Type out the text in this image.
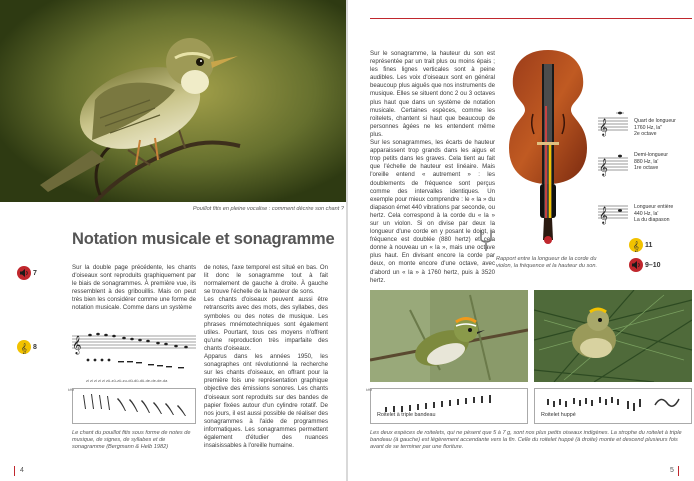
Pouillot fitis en pleine vocalise : comment décrire son chant ?
Notation musicale et sonagramme
7
𝄞 8
Sur la double page précédente, les chants d'oiseaux sont reproduits graphiquement par le biais de sonagrammes. À première vue, ils ressemblent à des gribouillis. Mais on peut très bien les considérer comme une forme de notation musicale. Comme dans un système
de notes, l'axe temporel est situé en bas. On lit donc le sonagramme tout à fait normalement de gauche à droite. À gauche se trouve l'échelle de la hauteur de sons.
Les chants d'oiseaux peuvent aussi être retranscrits avec des mots, des syllabes, des symboles ou des notes de musique. Les phrases mnémotechniques sont également utiles. Pourtant, tous ces moyens n'offrent qu'une reproduction très imparfaite des chants d'oiseaux.
Apparus dans les années 1950, les sonagraphes ont révolutionné la recherche sur les chants d'oiseaux, en offrant pour la première fois une représentation graphique objective des émissions sonores. Les chants d'oiseaux sont reproduits sur des bandes de papier fixées autour d'un cylindre rotatif. De nos jours, il est aussi possible de réaliser des sonagrammes à l'aide de programmes informatiques. Les sonagrammes permettent également d'étudier des nuances insaisissables à l'oreille humaine.
𝄞
zi zi zi zi zi zü-zü-zü-zu-dü-dü-dü-de-de-de-da
kHz
Le chant du pouillot fitis sous forme de notes de musique, de signes, de syllabes et de sonagramme (Bergmann & Helb 1982)
4
Sur le sonagramme, la hauteur du son est représentée par un trait plus ou moins épais ; les fines lignes verticales sont à peine audibles. Les voix d'oiseaux sont en général beaucoup plus aiguës que nos instruments de musique. Elles se situent donc 2 ou 3 octaves plus haut que dans un système de notation musicale. Certaines espèces, comme les roitelets, chantent si haut que beaucoup de personnes âgées ne les entendent même plus.
Sur les sonagrammes, les écarts de hauteur apparaissent trop grands dans les aigus et trop petits dans les graves. Cela tient au fait que l'échelle de hauteur est linéaire. Mais l'oreille entend « autrement » : les doublements de fréquence sont perçus comme des intervalles identiques. Un exemple pour mieux comprendre : le « la » du diapason émet 440 vibrations par seconde, ou hertz. Cela correspond à la corde du « la » sur un violon. Si on divise par deux la longueur d'une corde en y posant le doigt, la fréquence est doublée (880 hertz) et cela donne à nouveau un « la », mais une plus haut. En divisant encore la corde par deux, on monte encore d'une octave, avec d'abord un « la » à 1760 hertz, puis à 3520 hertz.
𝄞	Quart de longueur
1760 Hz, la''
2e octave
𝄞
Demi-longueur
880 Hz, la'
1re octave
𝄞	Longueur entière
440 Hz, la'
La du diapason
Rapport entre la longueur de la corde du violon, la fréquence et la hauteur du son.
𝄞 11
9–10
Roitelet à triple bandeau
kHz
Roitelet huppé
Les deux espèces de roitelets, qui ne pèsent que 5 à 7 g, sont nos plus petits oiseaux indigènes. La strophe du roitelet à triple bandeau (à gauche) est légèrement accendante vers la fin. Celle du roitelet huppé (à droite) monte et descend plusieurs fois avant de se terminer par une floriture.
5
